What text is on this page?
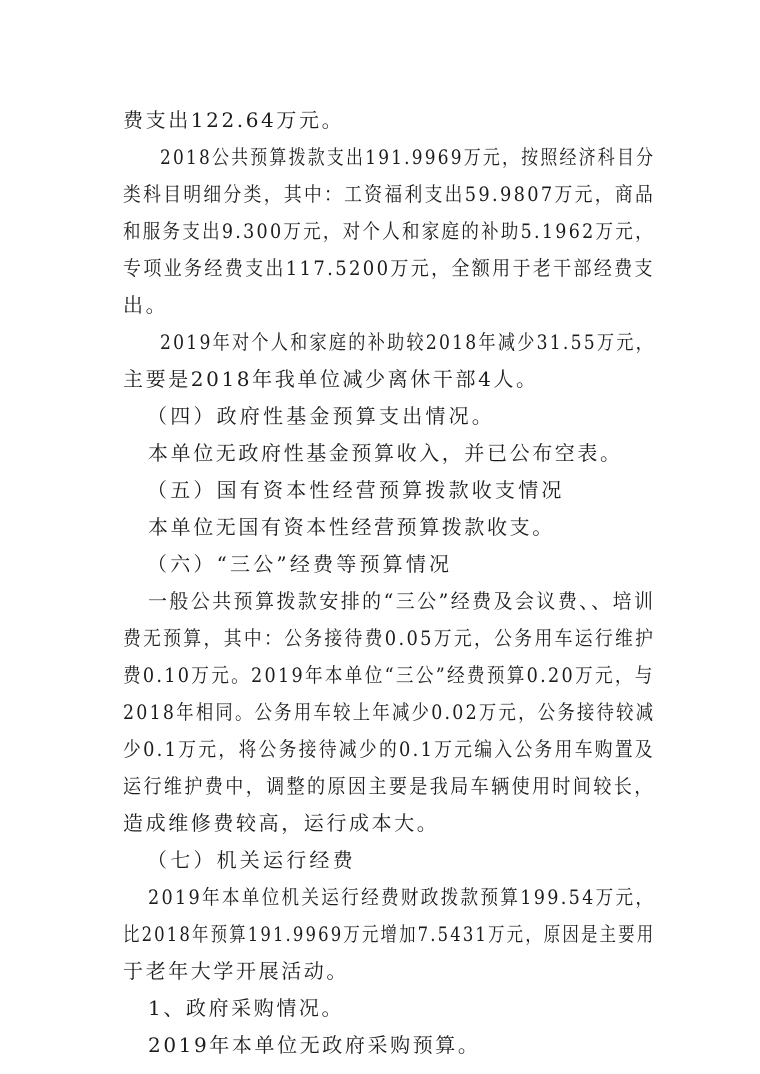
费支出122.64万元。
2018公共预算拨款支出191.9969万元，按照经济科目分
类科目明细分类，其中：工资福利支出59.9807万元，商品
和服务支出9.300万元，对个人和家庭的补助5.1962万元，
专项业务经费支出117.5200万元，全额用于老干部经费支
出。
2019年对个人和家庭的补助较2018年减少31.55万元，
主要是2018年我单位减少离休干部4人。
（四）政府性基金预算支出情况。
本单位无政府性基金预算收入，并已公布空表。
（五）国有资本性经营预算拨款收支情况
本单位无国有资本性经营预算拨款收支。
（六）“三公”经费等预算情况
一般公共预算拨款安排的“三公”经费及会议费、、培训
费无预算，其中：公务接待费0.05万元，公务用车运行维护
费0.10万元。2019年本单位“三公”经费预算0.20万元，与
2018年相同。公务用车较上年减少0.02万元，公务接待较减
少0.1万元，将公务接待减少的0.1万元编入公务用车购置及
运行维护费中，调整的原因主要是我局车辆使用时间较长，
造成维修费较高，运行成本大。
（七）机关运行经费
2019年本单位机关运行经费财政拨款预算199.54万元，
比2018年预算191.9969万元增加7.5431万元，原因是主要用
于老年大学开展活动。
1、政府采购情况。
2019年本单位无政府采购预算。
